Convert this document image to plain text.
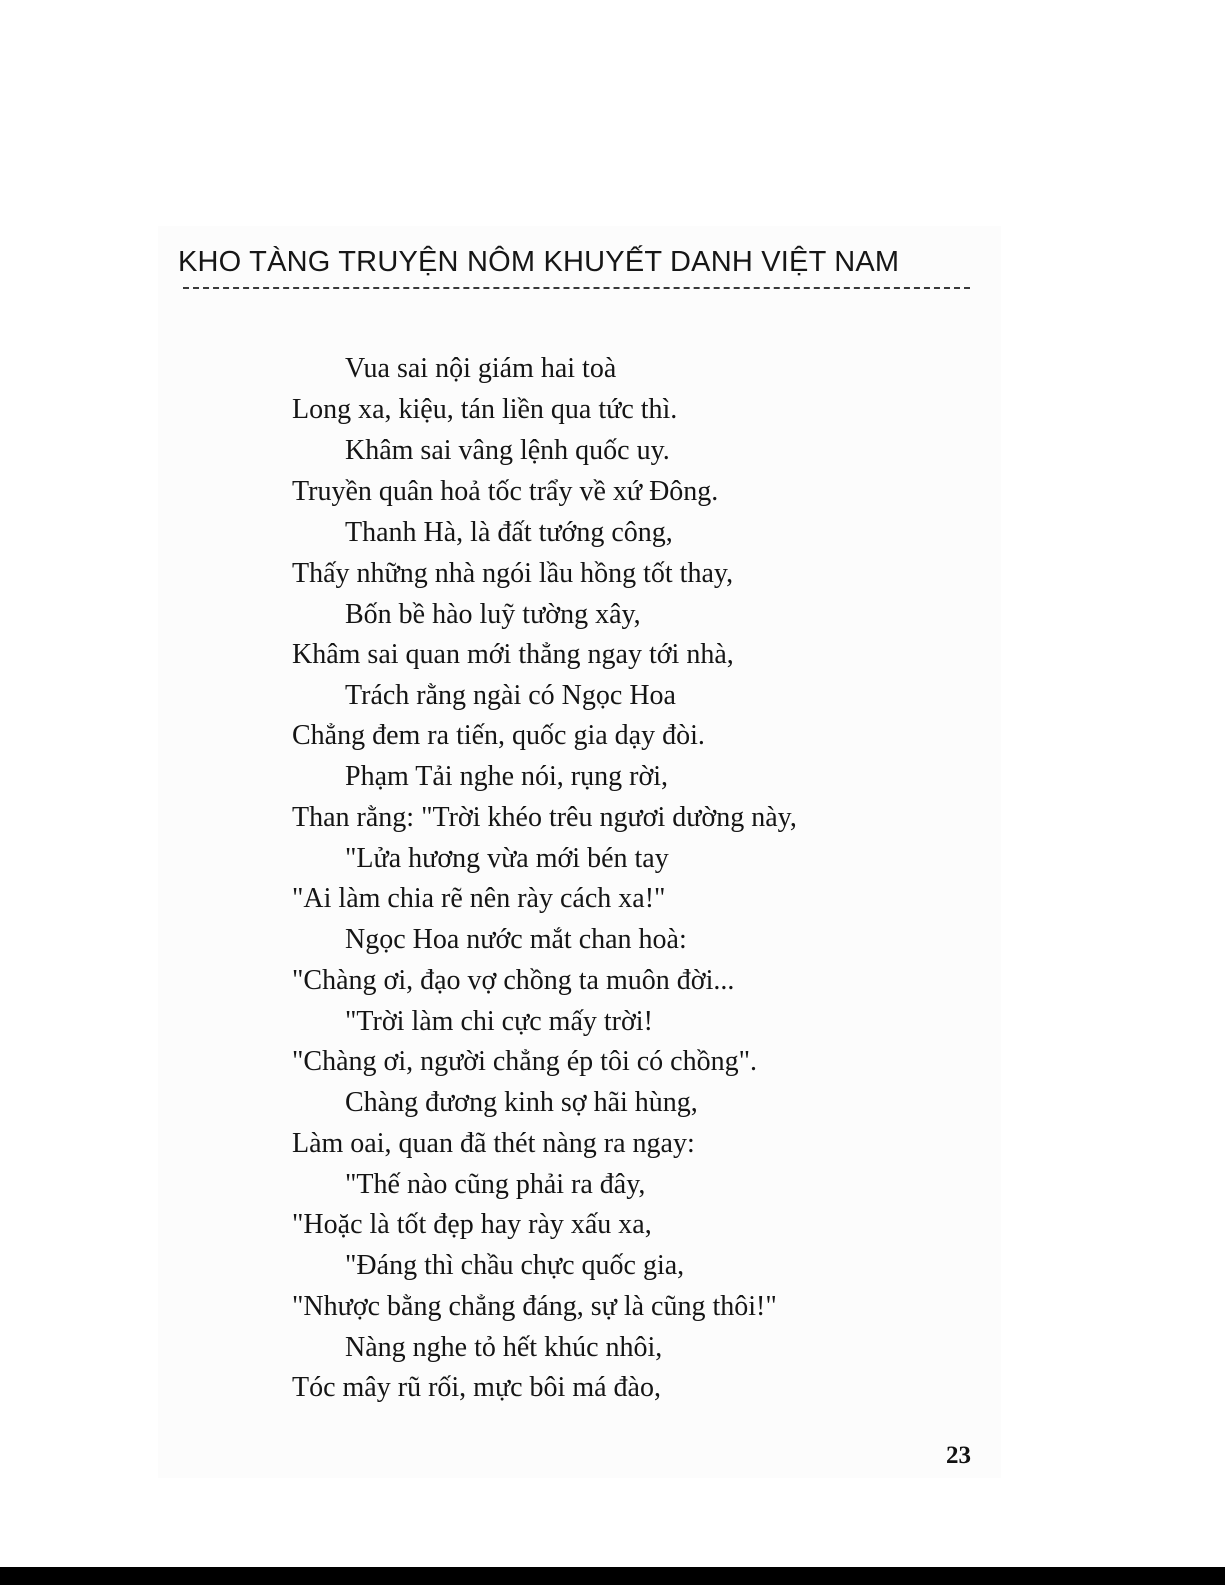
KHO TÀNG TRUYỆN NÔM KHUYẾT DANH VIỆT NAM
Vua sai nội giám hai toà
Long xa, kiệu, tán liền qua tức thì.
Khâm sai vâng lệnh quốc uy.
Truyền quân hoả tốc trẩy về xứ Đông.
Thanh Hà, là đất tướng công,
Thấy những nhà ngói lầu hồng tốt thay,
Bốn bề hào luỹ tường xây,
Khâm sai quan mới thẳng ngay tới nhà,
Trách rằng ngài có Ngọc Hoa
Chẳng đem ra tiến, quốc gia dạy đòi.
Phạm Tải nghe nói, rụng rời,
Than rằng: "Trời khéo trêu ngươi dường này,
"Lửa hương vừa mới bén tay
"Ai làm chia rẽ nên rày cách xa!"
Ngọc Hoa nước mắt chan hoà:
"Chàng ơi, đạo vợ chồng ta muôn đời...
"Trời làm chi cực mấy trời!
"Chàng ơi, người chẳng ép tôi có chồng".
Chàng đương kinh sợ hãi hùng,
Làm oai, quan đã thét nàng ra ngay:
"Thế nào cũng phải ra đây,
"Hoặc là tốt đẹp hay rày xấu xa,
"Đáng thì chầu chực quốc gia,
"Nhược bằng chẳng đáng, sự là cũng thôi!"
Nàng nghe tỏ hết khúc nhôi,
Tóc mây rũ rối, mực bôi má đào,
23
